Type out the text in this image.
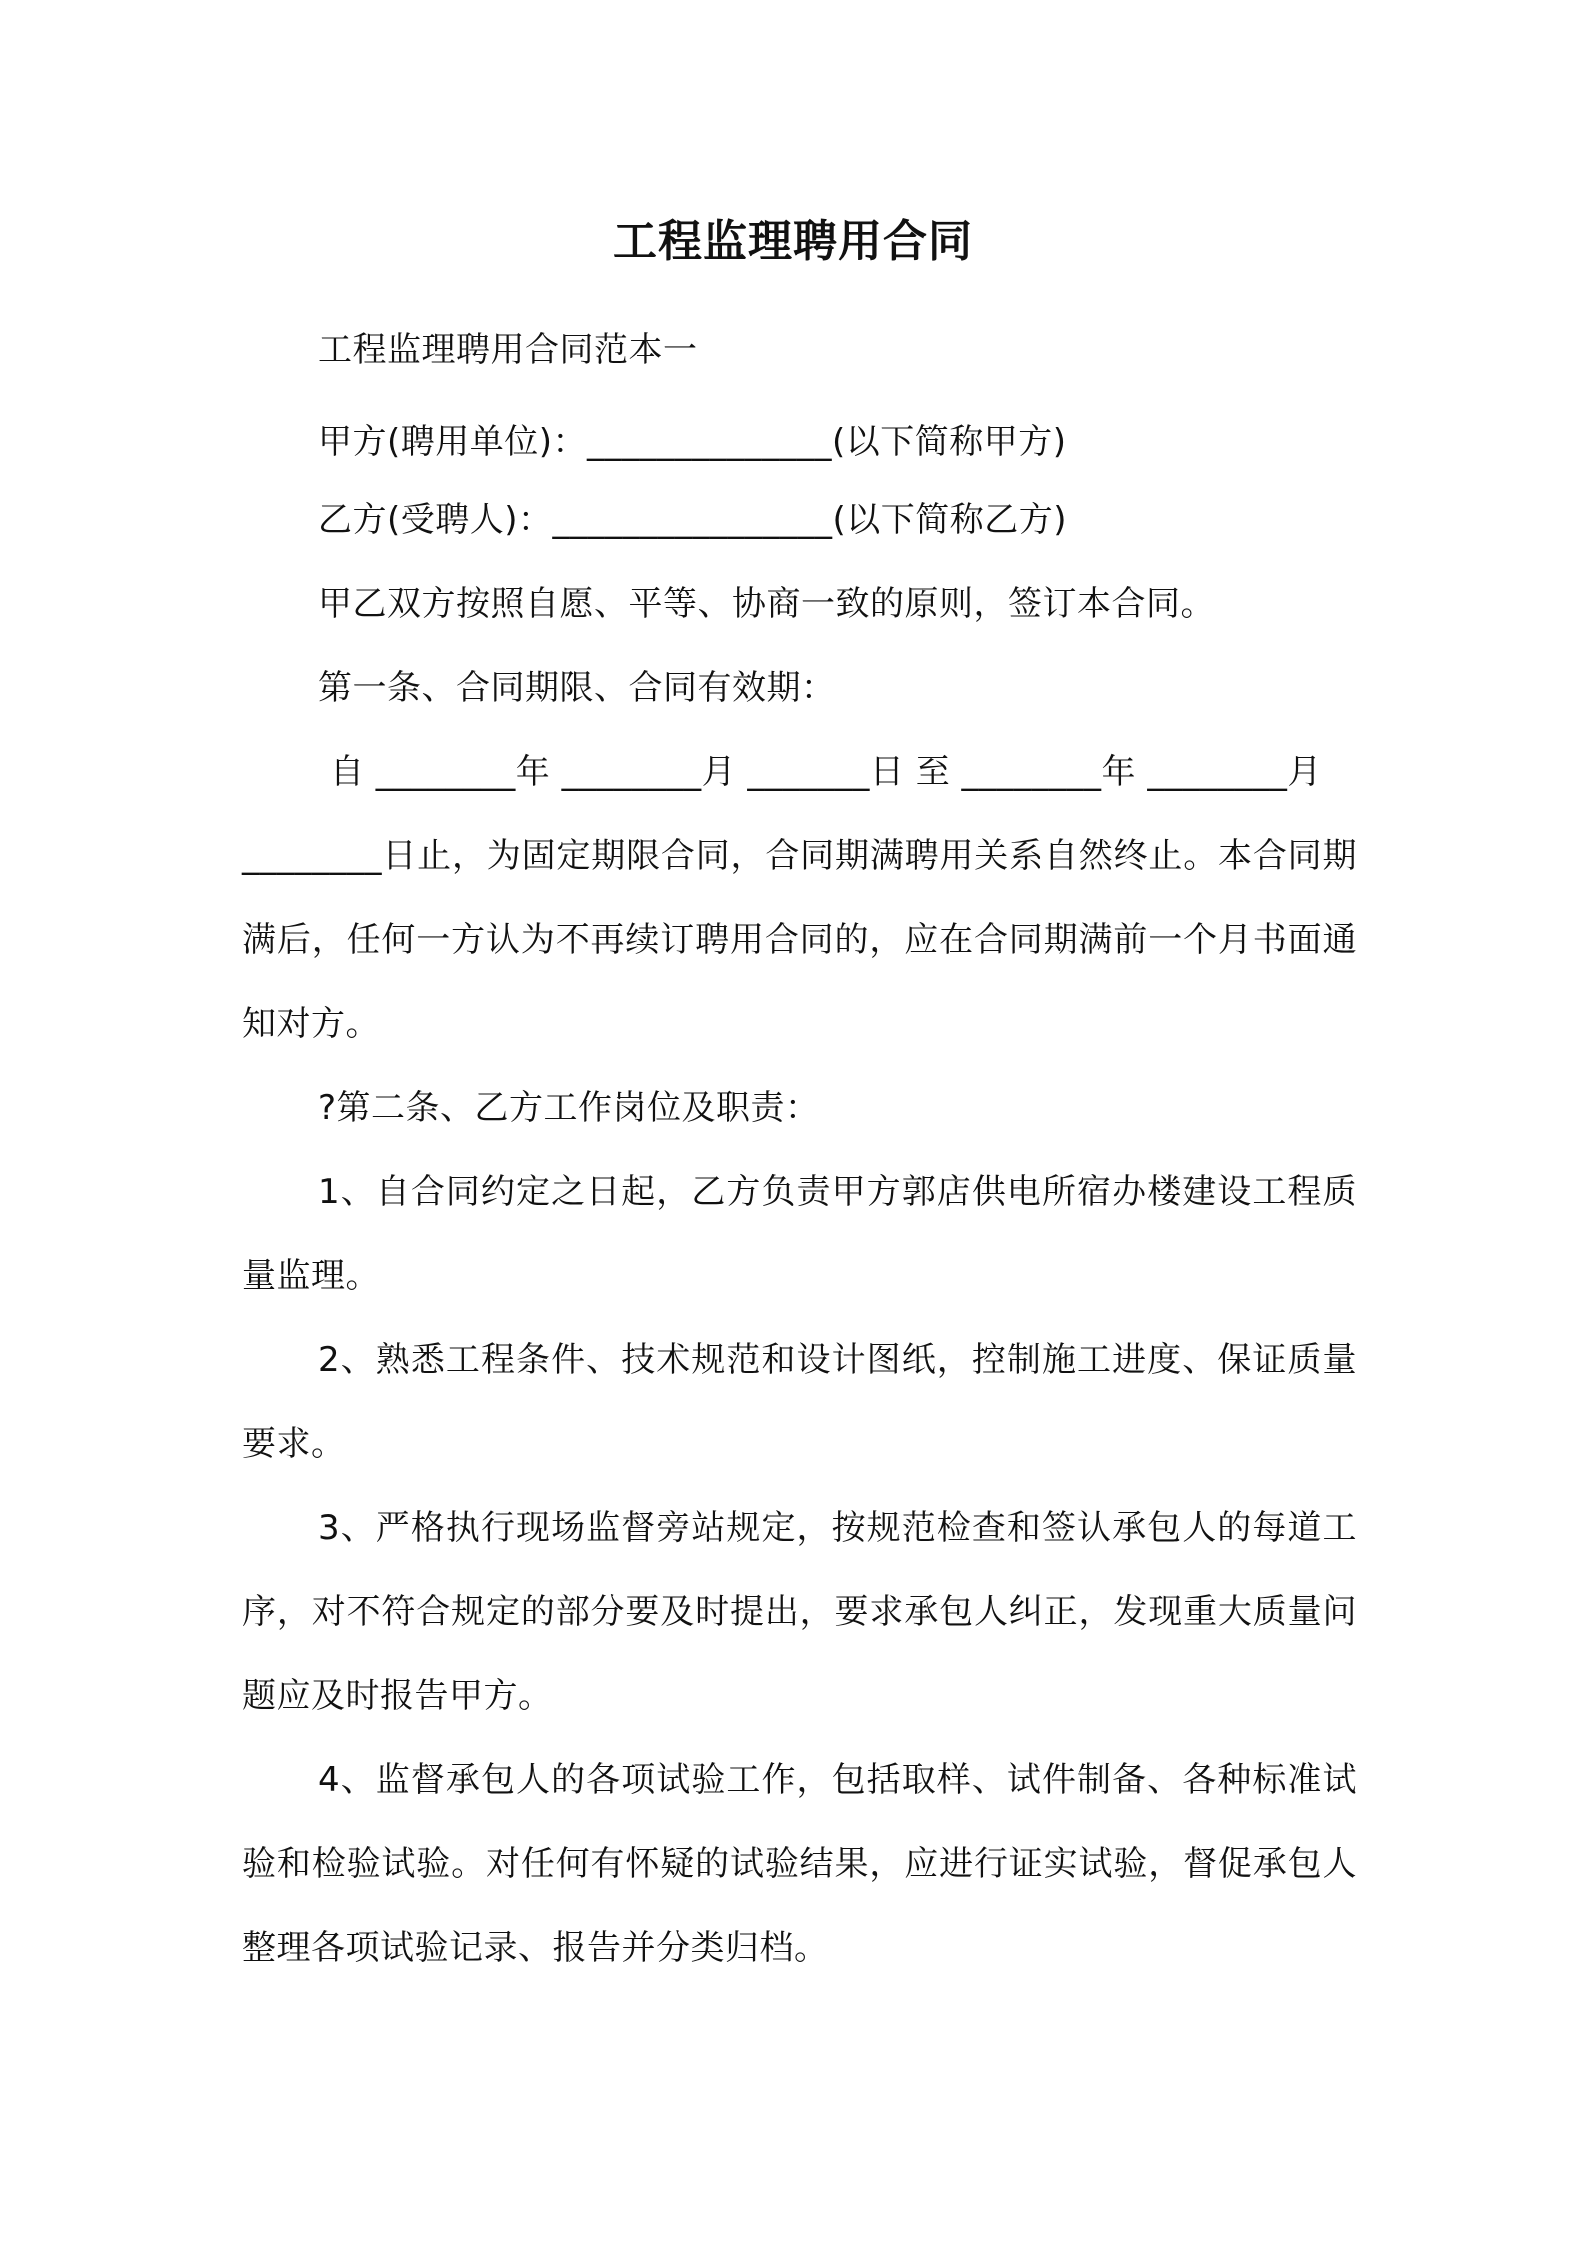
工程监理聘用合同
工程监理聘用合同范本一
甲方(聘用单位)：______________(以下简称甲方)
乙方(受聘人)：________________(以下简称乙方)
甲乙双方按照自愿、平等、协商一致的原则，签订本合同。
第一条、合同期限、合同有效期：
自 ________年 ________月 _______日 至 ________年 ________月
________日止，为固定期限合同，合同期满聘用关系自然终止。本合同期满后，任何一方认为不再续订聘用合同的，应在合同期满前一个月书面通知对方。
?第二条、乙方工作岗位及职责：
1、自合同约定之日起，乙方负责甲方郭店供电所宿办楼建设工程质量监理。
2、熟悉工程条件、技术规范和设计图纸，控制施工进度、保证质量要求。
3、严格执行现场监督旁站规定，按规范检查和签认承包人的每道工序，对不符合规定的部分要及时提出，要求承包人纠正，发现重大质量问题应及时报告甲方。
4、监督承包人的各项试验工作，包括取样、试件制备、各种标准试验和检验试验。对任何有怀疑的试验结果，应进行证实试验，督促承包人整理各项试验记录、报告并分类归档。
